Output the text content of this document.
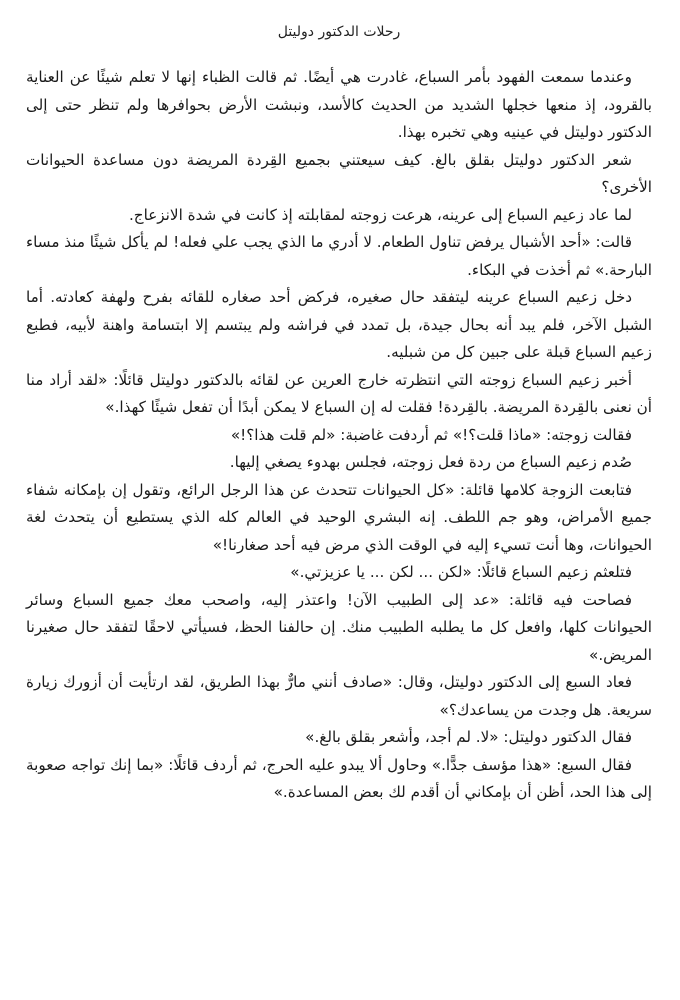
رحلات الدكتور دوليتل

وعندما سمعت الفهود بأمر السباع، غادرت هي أيضًا. ثم قالت الظباء إنها لا تعلم شيئًا عن العناية بالقرود، إذ منعها خجلها الشديد من الحديث كالأسد، ونبشت الأرض بحوافرها ولم تنظر حتى إلى الدكتور دوليتل في عينيه وهي تخبره بهذا.

شعر الدكتور دوليتل بقلق بالغ. كيف سيعتني بجميع القِردة المريضة دون مساعدة الحيوانات الأخرى؟

لما عاد زعيم السباع إلى عرينه، هرعت زوجته لمقابلته إذ كانت في شدة الانزعاج.

قالت: «أحد الأشبال يرفض تناول الطعام. لا أدري ما الذي يجب علي فعله! لم يأكل شيئًا منذ مساء البارحة.» ثم أخذت في البكاء.

دخل زعيم السباع عرينه ليتفقد حال صغيره، فركض أحد صغاره للقائه بفرح ولهفة كعادته. أما الشبل الآخر، فلم يبد أنه بحال جيدة، بل تمدد في فراشه ولم يبتسم إلا ابتسامة واهنة لأبيه، فطبع زعيم السباع قبلة على جبين كل من شبليه.

أخبر زعيم السباع زوجته التي انتظرته خارج العرين عن لقائه بالدكتور دوليتل قائلًا: «لقد أراد منا أن نعنى بالقِردة المريضة. بالقِردة! فقلت له إن السباع لا يمكن أبدًا أن تفعل شيئًا كهذا.»

فقالت زوجته: «ماذا قلت؟!» ثم أردفت غاضبة: «لم قلت هذا؟!»

صُدم زعيم السباع من ردة فعل زوجته، فجلس بهدوء يصغي إليها.

فتابعت الزوجة كلامها قائلة: «كل الحيوانات تتحدث عن هذا الرجل الرائع، وتقول إن بإمكانه شفاء جميع الأمراض، وهو جم اللطف. إنه البشري الوحيد في العالم كله الذي يستطيع أن يتحدث لغة الحيوانات، وها أنت تسيء إليه في الوقت الذي مرض فيه أحد صغارنا!»

فتلعثم زعيم السباع قائلًا: «لكن ... لكن ... يا عزيزتي.»

فصاحت فيه قائلة: «عد إلى الطبيب الآن! واعتذر إليه، واصحب معك جميع السباع وسائر الحيوانات كلها، وافعل كل ما يطلبه الطبيب منك. إن حالفنا الحظ، فسيأتي لاحقًا لتفقد حال صغيرنا المريض.»

فعاد السبع إلى الدكتور دوليتل، وقال: «صادف أنني مارٌّ بهذا الطريق، لقد ارتأيت أن أزورك زيارة سريعة. هل وجدت من يساعدك؟»

فقال الدكتور دوليتل: «لا. لم أجد، وأشعر بقلق بالغ.»

فقال السبع: «هذا مؤسف جدًّا.» وحاول ألا يبدو عليه الحرج، ثم أردف قائلًا: «بما إنك تواجه صعوبة إلى هذا الحد، أظن أن بإمكاني أن أقدم لك بعض المساعدة.»
